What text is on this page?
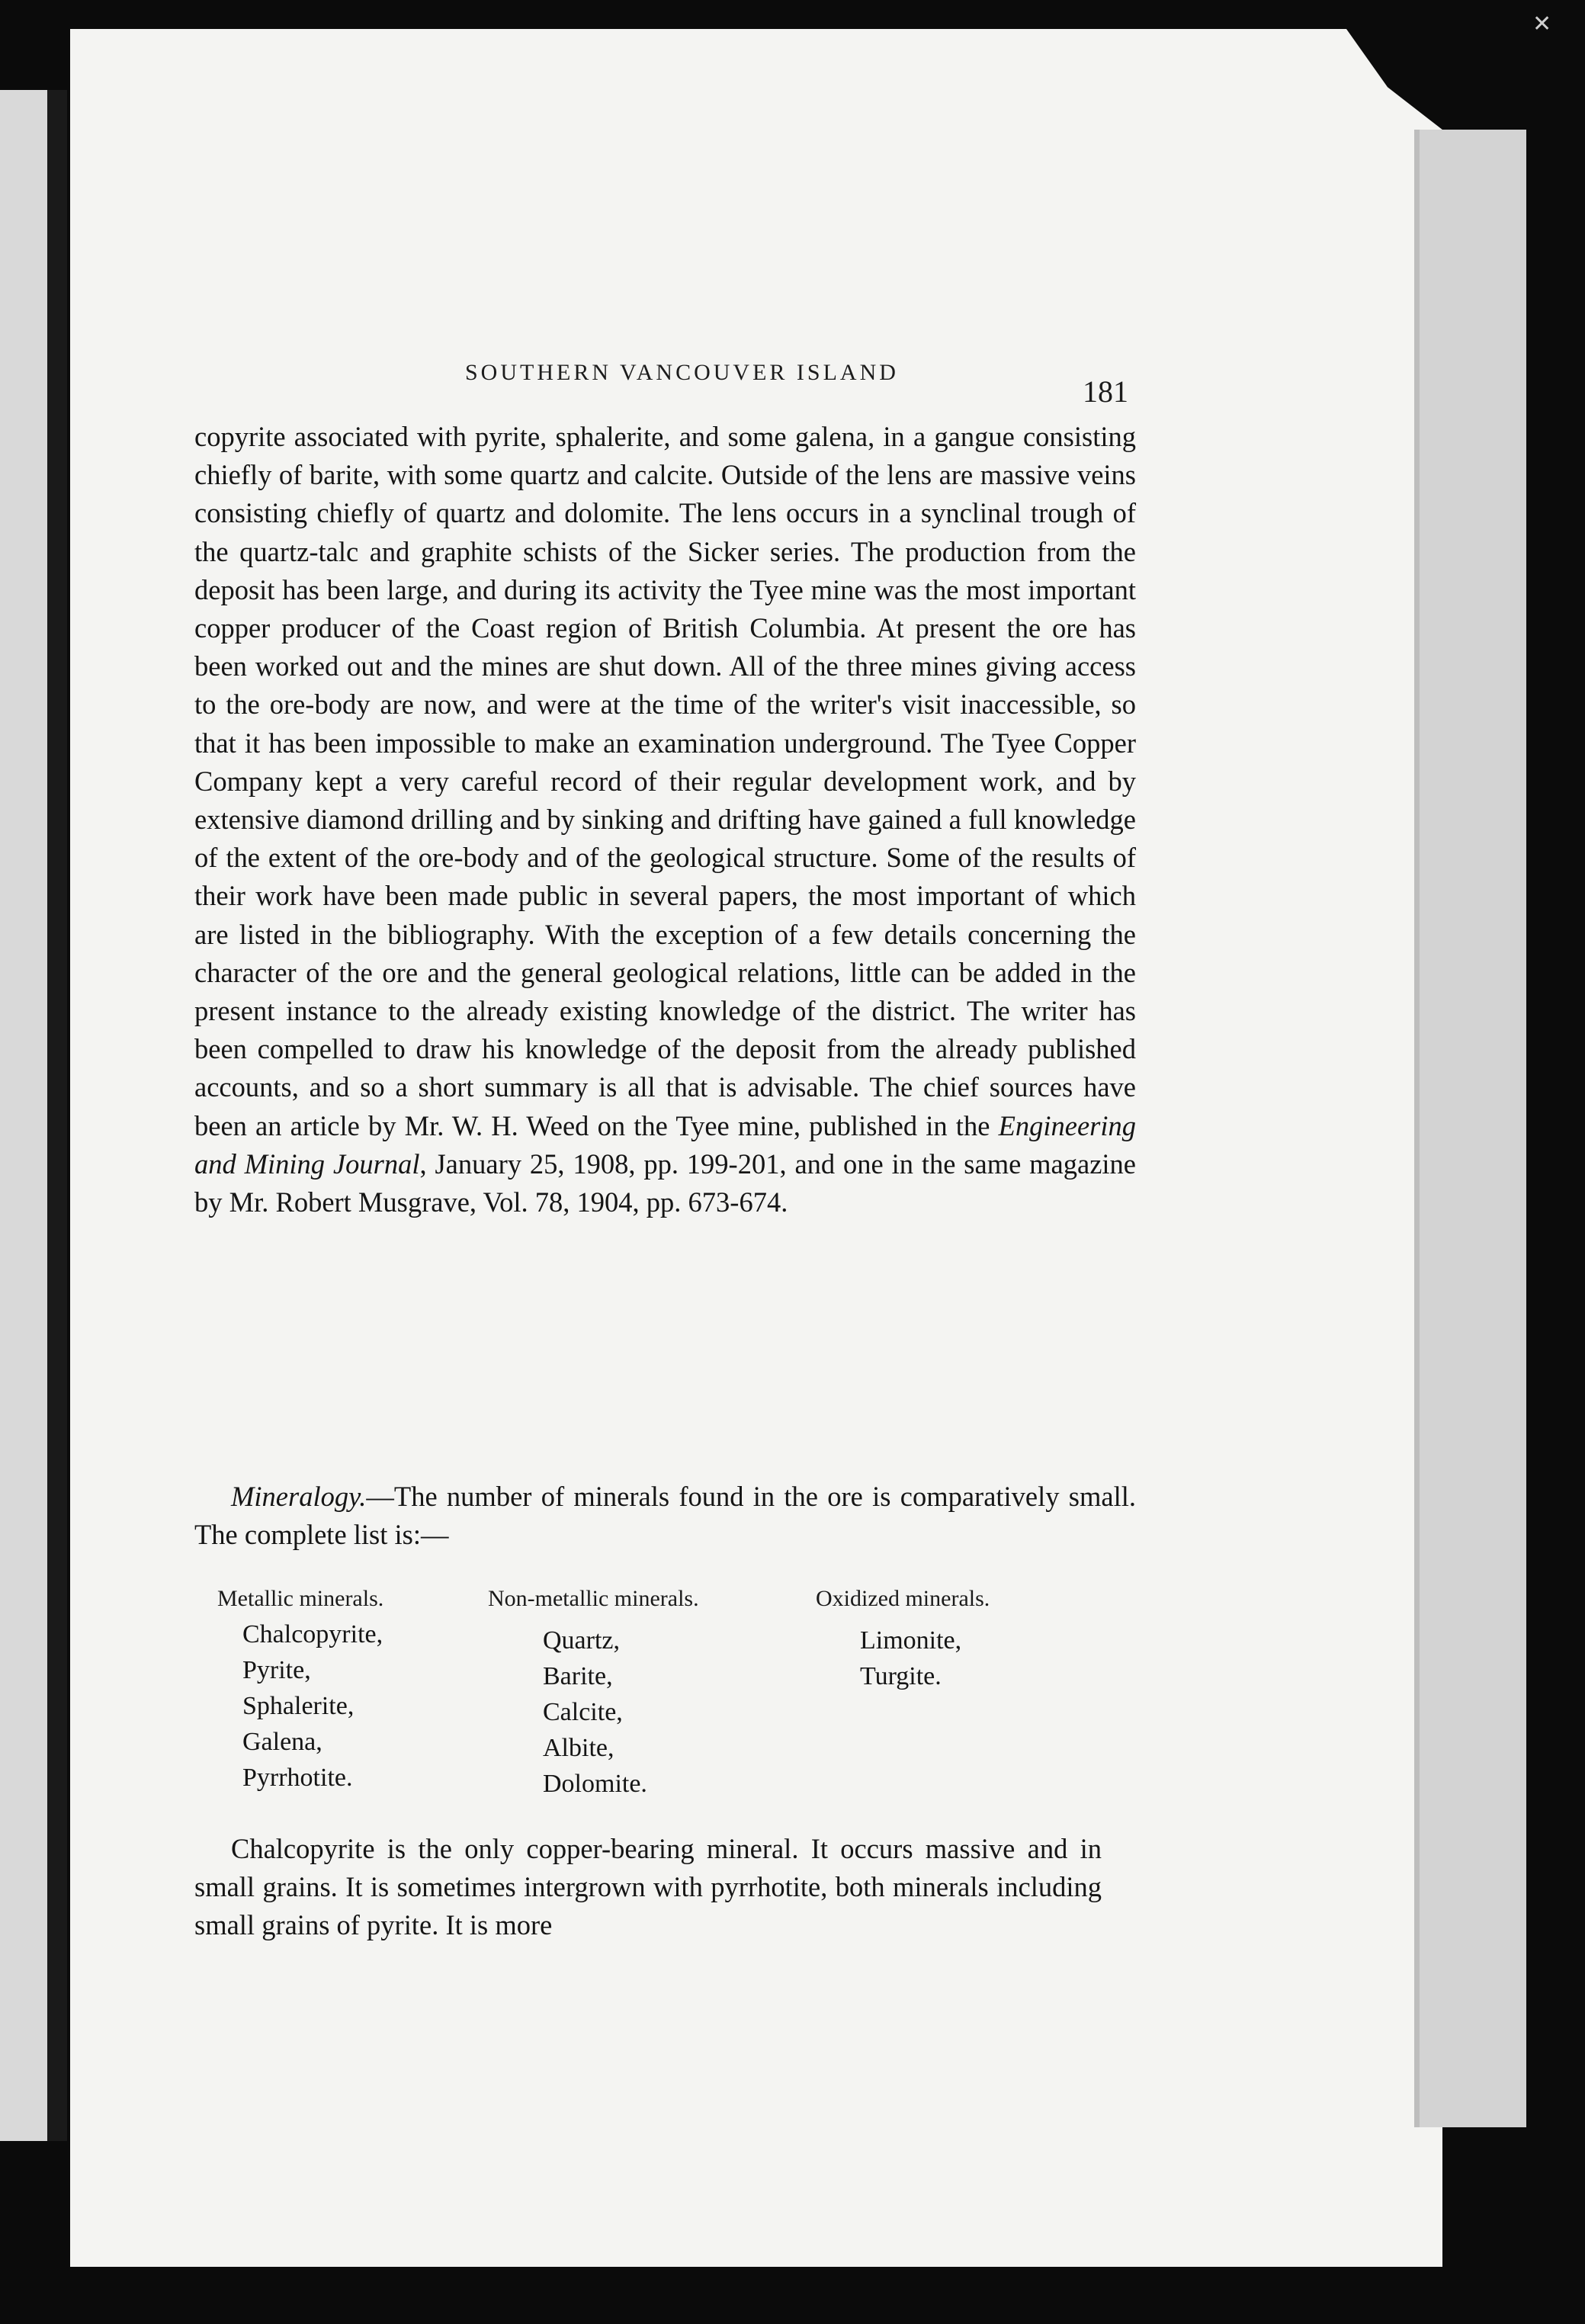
✕
SOUTHERN VANCOUVER ISLAND
181

copyrite associated with pyrite, sphalerite, and some galena, in a gangue consisting chiefly of barite, with some quartz and calcite. Outside of the lens are massive veins consisting chiefly of quartz and dolomite. The lens occurs in a synclinal trough of the quartz-talc and graphite schists of the Sicker series. The production from the deposit has been large, and during its activity the Tyee mine was the most important copper producer of the Coast region of British Columbia. At present the ore has been worked out and the mines are shut down. All of the three mines giving access to the ore-body are now, and were at the time of the writer's visit inaccessible, so that it has been impossible to make an examination underground. The Tyee Copper Company kept a very careful record of their regular development work, and by extensive diamond drilling and by sinking and drifting have gained a full knowledge of the extent of the ore-body and of the geological structure. Some of the results of their work have been made public in several papers, the most important of which are listed in the bibliography. With the exception of a few details concerning the character of the ore and the general geological relations, little can be added in the present instance to the already existing knowledge of the district. The writer has been compelled to draw his knowledge of the deposit from the already published accounts, and so a short summary is all that is advisable. The chief sources have been an article by Mr. W. H. Weed on the Tyee mine, published in the Engineering and Mining Journal, January 25, 1908, pp. 199-201, and one in the same magazine by Mr. Robert Musgrave, Vol. 78, 1904, pp. 673-674.

Mineralogy.—The number of minerals found in the ore is comparatively small. The complete list is:—

Metallic minerals.	Non-metallic minerals.	Oxidized minerals.
Chalcopyrite,
Pyrite,
Sphalerite,
Galena,
Pyrrhotite.
Quartz,
Barite,
Calcite,
Albite,
Dolomite.
Limonite,
Turgite.

Chalcopyrite is the only copper-bearing mineral. It occurs massive and in small grains. It is sometimes intergrown with pyrrhotite, both minerals including small grains of pyrite. It is more
